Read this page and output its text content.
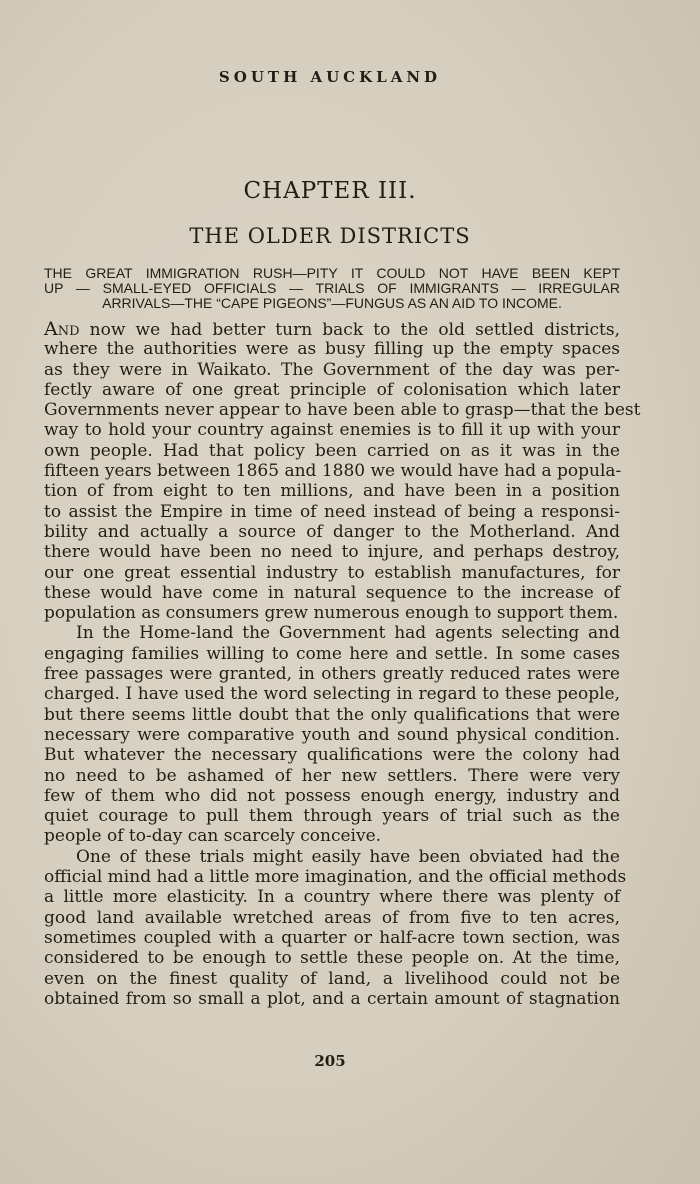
SOUTH AUCKLAND
CHAPTER III.
THE OLDER DISTRICTS
THE GREAT IMMIGRATION RUSH—PITY IT COULD NOT HAVE BEEN KEPT
UP — SMALL-EYED OFFICIALS — TRIALS OF IMMIGRANTS — IRREGULAR
ARRIVALS—THE “CAPE PIGEONS”—FUNGUS AS AN AID TO INCOME.
And now we had better turn back to the old settled districts,
where the authorities were as busy filling up the empty spaces
as they were in Waikato. The Government of the day was per-
fectly aware of one great principle of colonisation which later
Governments never appear to have been able to grasp—that the best
way to hold your country against enemies is to fill it up with your
own people. Had that policy been carried on as it was in the
fifteen years between 1865 and 1880 we would have had a popula-
tion of from eight to ten millions, and have been in a position
to assist the Empire in time of need instead of being a responsi-
bility and actually a source of danger to the Motherland. And
there would have been no need to injure, and perhaps destroy,
our one great essential industry to establish manufactures, for
these would have come in natural sequence to the increase of
population as consumers grew numerous enough to support them.
In the Home-land the Government had agents selecting and
engaging families willing to come here and settle. In some cases
free passages were granted, in others greatly reduced rates were
charged. I have used the word selecting in regard to these people,
but there seems little doubt that the only qualifications that were
necessary were comparative youth and sound physical condition.
But whatever the necessary qualifications were the colony had
no need to be ashamed of her new settlers. There were very
few of them who did not possess enough energy, industry and
quiet courage to pull them through years of trial such as the
people of to-day can scarcely conceive.
One of these trials might easily have been obviated had the
official mind had a little more imagination, and the official methods
a little more elasticity. In a country where there was plenty of
good land available wretched areas of from five to ten acres,
sometimes coupled with a quarter or half-acre town section, was
considered to be enough to settle these people on. At the time,
even on the finest quality of land, a livelihood could not be
obtained from so small a plot, and a certain amount of stagnation
205
